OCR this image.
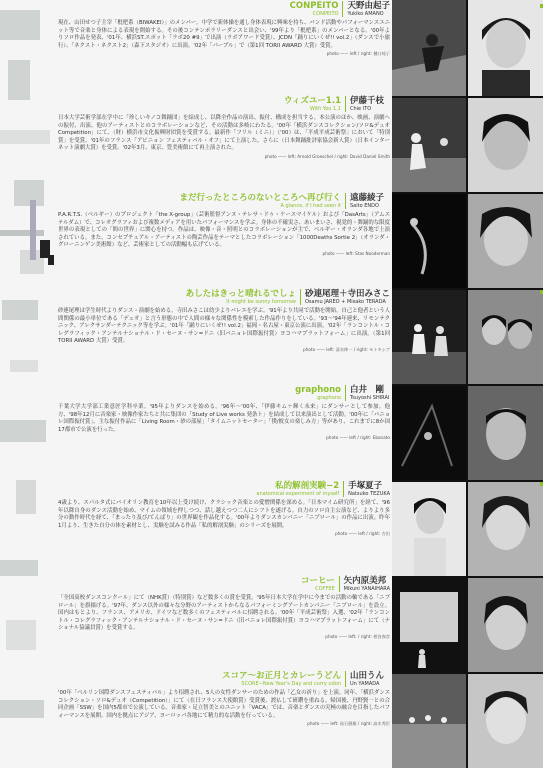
CONPEITO
CONPEITO
天野由起子
Yukiko AMANO
現在、山田せつ子主宰「枇杷系（BIWAKEI）」のメンバー。中学で新体操を通し身体表現に興味を持ち、バンド活動やパフォーマンスユニット等で音楽と身体による表現を開始する。その後コンテンポラリーダンスと出会い、'99年より「枇杷系」のメンバーとなる。'00年よりソロ作品を発表、'01年、横浜ST.スポット「ラボ20 #9」で出演（ラボアワード受賞）、JCDN「踊りにいくぜ!! vol.2」（ダンスで小旅行）、「ネクスト・ネクスト2」（森下スタジオ）に出演。'02年「パープル」で（第1回 TORII AWARD 大賞）受賞。
photo —— left / right: 樋口純子
ウィズユー1.1
With You 1.1
伊藤千枝
Chie ITO
日本大学芸術学部在学中に「珍しいキノコ舞踊団」を結成し、以降全作品の演出、振付、構成を担当する。本公演のほか、映画、演劇への振付、出演、他のアーティストとのコラボレーションなど、その活動は多岐にわたる。'00年「横浜ダンスコレクション/ソロ&デュオ Competition」にて、（財）横浜市文化振興財団賞を受賞する。最新作「フリル（ミニ）」（'00）は、「平成平成芸術祭」において「特別賞」を受賞、'01年のフランス「アビニョン フェスティバル・オフ」にて上演した。さらに（日本舞踊批評家協会新人賞）（日本インターネット演劇大賞）を受賞。'02年3月、東京、豊美術館にて再上演された。
photo —— left: Arnold Groeschel / right: David Daniel Smith
まだ行ったところのないところへ再び行く
A glance, if I had seen it
遠藤綾子
Saito ENDO
P.A.R.T.S.（ベルギー）のプロジェクト「the X-group」（芸術監督アンヌ・テレサ・ドゥ・ケースマイケル）および「DasArts」（アムステルダム）で、コレオグラフィおよび複数メディアを用いたパフォーマンスを学ぶ。身体の不確実さ、あいまいさ、視覚的・舞踊的な限度世界の表現としての「間の世界」に関心を持つ。作品は、映像・音・照明とのコラボレーションが主で、ベルギー・オランダ各地で上演されている。また、コンセプチュアル・アーティストの陶芸作品をテーマとしたコラボレーション「1000Deaths Sortie 2」（オランダ・グローニンゲン美術館）など、芸術家としての活動幅も広げている。
photo —— left: Stas Nooderman
あしたはきっと晴れるでしょ
It might be sunny tomorrow
砂連尾理＋寺田みさこ
Osamu JAREO + Misako TERADA
砂連尾理は学生時代よりダンス・演劇を始める。寺田みさこは幼少よりバレエを学ぶ。'91年より共同で活動を開始。自己と他者という人間関係の最小単位である「デュオ」と言う形態の中で人間の様々な関係性を模索した作品作りをしている。'93～'94年連来、リモンテクニック、アレクサンダーテクニック等を学ぶ。'01年「踊りにいくぜ!! vol.2」福岡・名古屋・東京公演に出演。'02年「ランコントル・コレグラフィック・アンテルナショナル・ド・セーヌ・サン=ドニ（旧バニョレ国際振付賞）ヨコハマプラットフォーム」に出演。（第1回 TORII AWARD 大賞）受賞。
photo —— left: 清水伸一 / right: モトキシブ
graphono
graphono
白井　剛
Tsuyoshi SHIRAI
千葉大学大学部工業意匠学科卒業。'95年よりダンスを始める。'96年〜'00年、「伊藤キム＋輝く未来」にダンサーとして参加。他方、'98年12月に音楽家・映像作家たちと共に集団の「Study of Live works 発条ト」を結成して以来演出として活動。'00年に「バニョレ国際振付賞」、主な振付作品に「Living Room・砂の部屋」「タイムニットセーター」「僕/彼女の楽しみ方」等があり、これまでに8か国17都市で公演を行った。
photo —— left / right: Ebanato
私的解剖実験−2
anatomical experiment of myself
手塚夏子
Natsuko TEZUKA
4歳より、スパルタ式にバイオリン教育を10年以上受け続け、クラシック音楽との愛憎関係を深める。「日本マイム研究所」を経て、'96年以降自身のダンス活動を始め、マイムの領域を押しつつ、話し越えつつ二人にシフトを遂げる。自力のソロ自主公演など、よりより多分の動作時代を経て、「まったり及び/てんぱり」の世界観を作品化する。'00年よりダンスカンパニー「ニブロール」の作品に出演。昨年1月より、生きた自分の体を素材とし、実験を試みる作品「私的解剖実験」のシリーズを展開。
photo —— left / right: 吉田
コーヒー
COFFEE
矢内原美邦
Mikuni YANAIHARA
「全国高校ダンスコンクール」にて（NHK賞）（特別賞）など数多くの賞を受賞。'95年日本大学在学中に今までの活動の軸である「ニブロール」を旗揚げる。'97年、ダンス以外の様々な分野のアーティストからなるパフォーミングアートカンパニー「ニブロール」を設立。国内はもとより、フランス、アメリカ、ドイツなど数多くのフェスティバルに招聘される。'00年「平成芸術祭」入選、'02年「ランコントル・コレグラフィック・アンテルナショナル・ド・セーヌ・サン=ドニ（旧バニョレ国際振付賞）ヨコハマプラットフォーム」にて（ナショナル協議員賞）を受賞する。
photo —— left: / right: 相良春彦
スコア〜お正月とカレーうどん
SCORE−New Year's Day and curry udon
山田うん
Un YAMADA
'00年「ベルリン国際ダンスフェスティバル」より招聘され、5人の女性ダンサーのための作品「乙女の祈り」を上演。同年、「横浜ダンスコレクション・ソロ&デュオ（Competition）」にて（在日フランス大使館賞）受賞後、渡仏して研鑽を重ねる。帰国後、丹野賢一との合同企画「SSW」を国内5都市で公演している。音楽家・足立智美とのユニット「VACA」では、音楽とダンスの究極の融合を目指したパフォーマンスを展開。国内を拠点にアジア、ヨーロッパ各地にて精力的な活動を行っている。
photo —— left: 仙石健雄 / right: 高木秀臣
